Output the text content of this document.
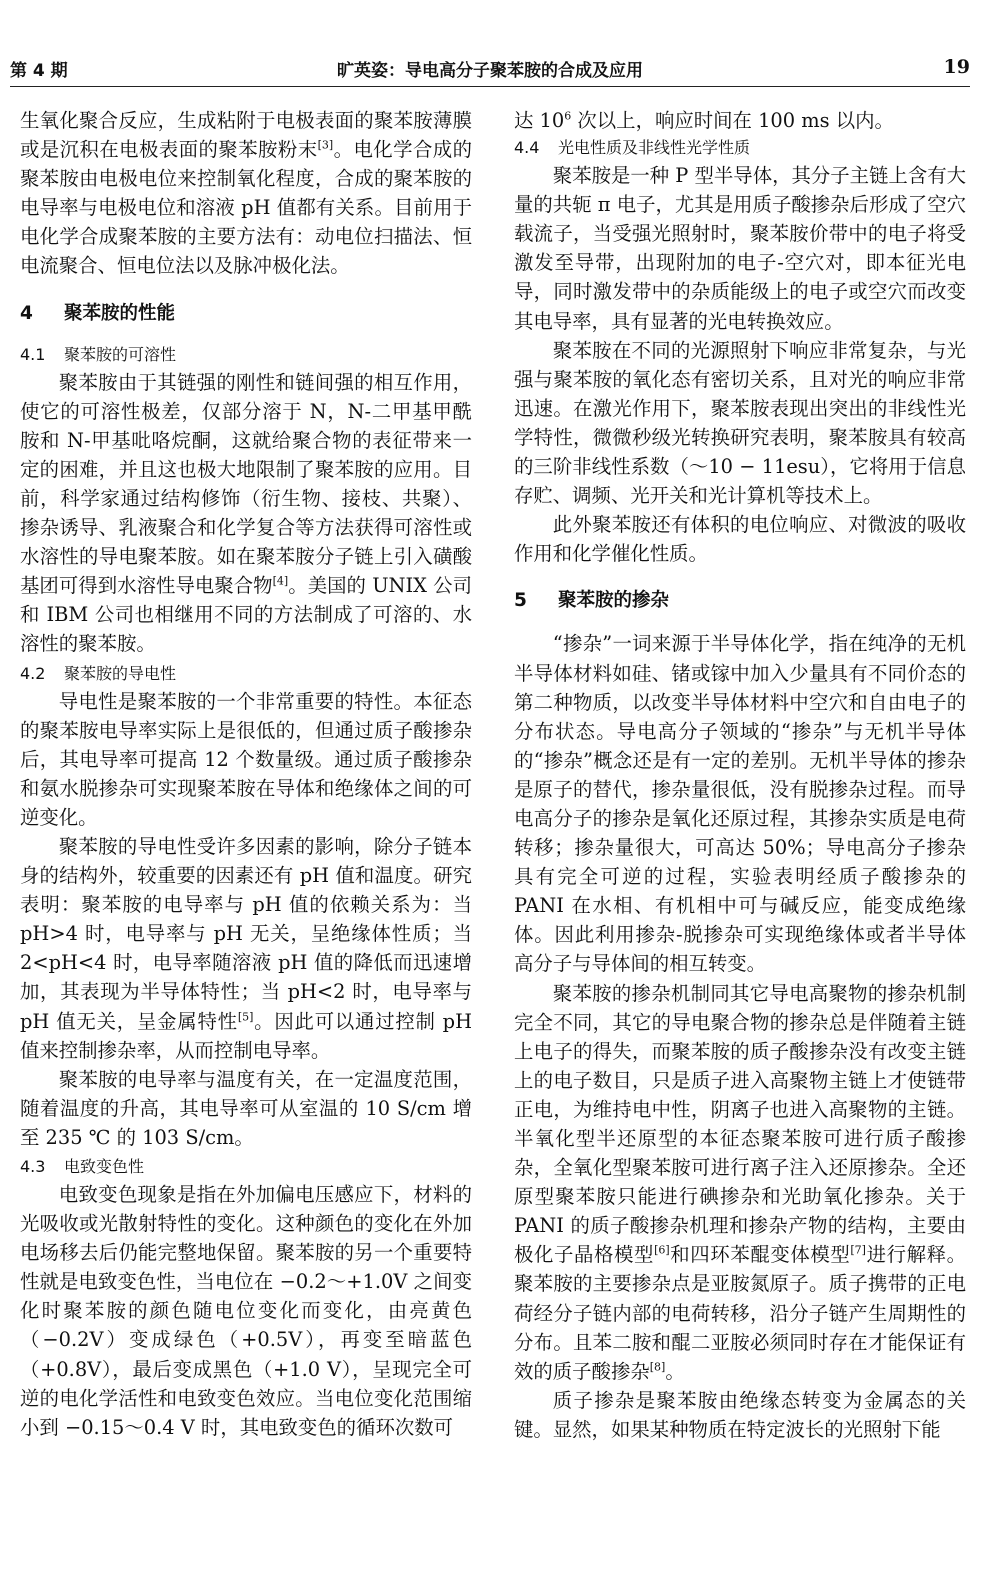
第 4 期	旷英姿：导电高分子聚苯胺的合成及应用	19

生氧化聚合反应，生成粘附于电极表面的聚苯胺薄膜或是沉积在电极表面的聚苯胺粉末[3]。电化学合成的聚苯胺由电极电位来控制氧化程度，合成的聚苯胺的电导率与电极电位和溶液 pH 值都有关系。目前用于电化学合成聚苯胺的主要方法有：动电位扫描法、恒电流聚合、恒电位法以及脉冲极化法。

4 聚苯胺的性能
4.1 聚苯胺的可溶性

聚苯胺由于其链强的刚性和链间强的相互作用，使它的可溶性极差，仅部分溶于 N，N-二甲基甲酰胺和 N-甲基吡咯烷酮，这就给聚合物的表征带来一定的困难，并且这也极大地限制了聚苯胺的应用。目前，科学家通过结构修饰（衍生物、接枝、共聚）、掺杂诱导、乳液聚合和化学复合等方法获得可溶性或水溶性的导电聚苯胺。如在聚苯胺分子链上引入磺酸基团可得到水溶性导电聚合物[4]。美国的 UNIX 公司和 IBM 公司也相继用不同的方法制成了可溶的、水溶性的聚苯胺。

4.2 聚苯胺的导电性

导电性是聚苯胺的一个非常重要的特性。本征态的聚苯胺电导率实际上是很低的，但通过质子酸掺杂后，其电导率可提高 12 个数量级。通过质子酸掺杂和氨水脱掺杂可实现聚苯胺在导体和绝缘体之间的可逆变化。

聚苯胺的导电性受许多因素的影响，除分子链本身的结构外，较重要的因素还有 pH 值和温度。研究表明：聚苯胺的电导率与 pH 值的依赖关系为：当 pH>4 时，电导率与 pH 无关，呈绝缘体性质；当 2<pH<4 时，电导率随溶液 pH 值的降低而迅速增加，其表现为半导体特性；当 pH<2 时，电导率与 pH 值无关，呈金属特性[5]。因此可以通过控制 pH 值来控制掺杂率，从而控制电导率。

聚苯胺的电导率与温度有关，在一定温度范围，随着温度的升高，其电导率可从室温的 10 S/cm 增至 235 ℃ 的 103 S/cm。

4.3 电致变色性

电致变色现象是指在外加偏电压感应下，材料的光吸收或光散射特性的变化。这种颜色的变化在外加电场移去后仍能完整地保留。聚苯胺的另一个重要特性就是电致变色性，当电位在 −0.2～+1.0V 之间变化时聚苯胺的颜色随电位变化而变化，由亮黄色（−0.2V）变成绿色（+0.5V），再变至暗蓝色（+0.8V），最后变成黑色（+1.0 V），呈现完全可逆的电化学活性和电致变色效应。当电位变化范围缩小到 −0.15～0.4 V 时，其电致变色的循环次数可

达 $10^6$ 次以上，响应时间在 100 ms 以内。

4.4 光电性质及非线性光学性质

聚苯胺是一种 P 型半导体，其分子主链上含有大量的共轭 π 电子，尤其是用质子酸掺杂后形成了空穴载流子，当受强光照射时，聚苯胺价带中的电子将受激发至导带，出现附加的电子-空穴对，即本征光电导，同时激发带中的杂质能级上的电子或空穴而改变其电导率，具有显著的光电转换效应。

聚苯胺在不同的光源照射下响应非常复杂，与光强与聚苯胺的氧化态有密切关系，且对光的响应非常迅速。在激光作用下，聚苯胺表现出突出的非线性光学特性，微微秒级光转换研究表明，聚苯胺具有较高的三阶非线性系数（～10 − 11esu），它将用于信息存贮、调频、光开关和光计算机等技术上。

此外聚苯胺还有体积的电位响应、对微波的吸收作用和化学催化性质。

5 聚苯胺的掺杂

“掺杂”一词来源于半导体化学，指在纯净的无机半导体材料如硅、锗或镓中加入少量具有不同价态的第二种物质，以改变半导体材料中空穴和自由电子的分布状态。导电高分子领域的“掺杂”与无机半导体的“掺杂”概念还是有一定的差别。无机半导体的掺杂是原子的替代，掺杂量很低，没有脱掺杂过程。而导电高分子的掺杂是氧化还原过程，其掺杂实质是电荷转移；掺杂量很大，可高达 50%；导电高分子掺杂具有完全可逆的过程，实验表明经质子酸掺杂的 PANI 在水相、有机相中可与碱反应，能变成绝缘体。因此利用掺杂-脱掺杂可实现绝缘体或者半导体高分子与导体间的相互转变。

聚苯胺的掺杂机制同其它导电高聚物的掺杂机制完全不同，其它的导电聚合物的掺杂总是伴随着主链上电子的得失，而聚苯胺的质子酸掺杂没有改变主链上的电子数目，只是质子进入高聚物主链上才使链带正电，为维持电中性，阴离子也进入高聚物的主链。半氧化型半还原型的本征态聚苯胺可进行质子酸掺杂，全氧化型聚苯胺可进行离子注入还原掺杂。全还原型聚苯胺只能进行碘掺杂和光助氧化掺杂。关于 PANI 的质子酸掺杂机理和掺杂产物的结构，主要由极化子晶格模型[6]和四环苯醌变体模型[7]进行解释。聚苯胺的主要掺杂点是亚胺氮原子。质子携带的正电荷经分子链内部的电荷转移，沿分子链产生周期性的分布。且苯二胺和醌二亚胺必须同时存在才能保证有效的质子酸掺杂[8]。

质子掺杂是聚苯胺由绝缘态转变为金属态的关键。显然，如果某种物质在特定波长的光照射下能
